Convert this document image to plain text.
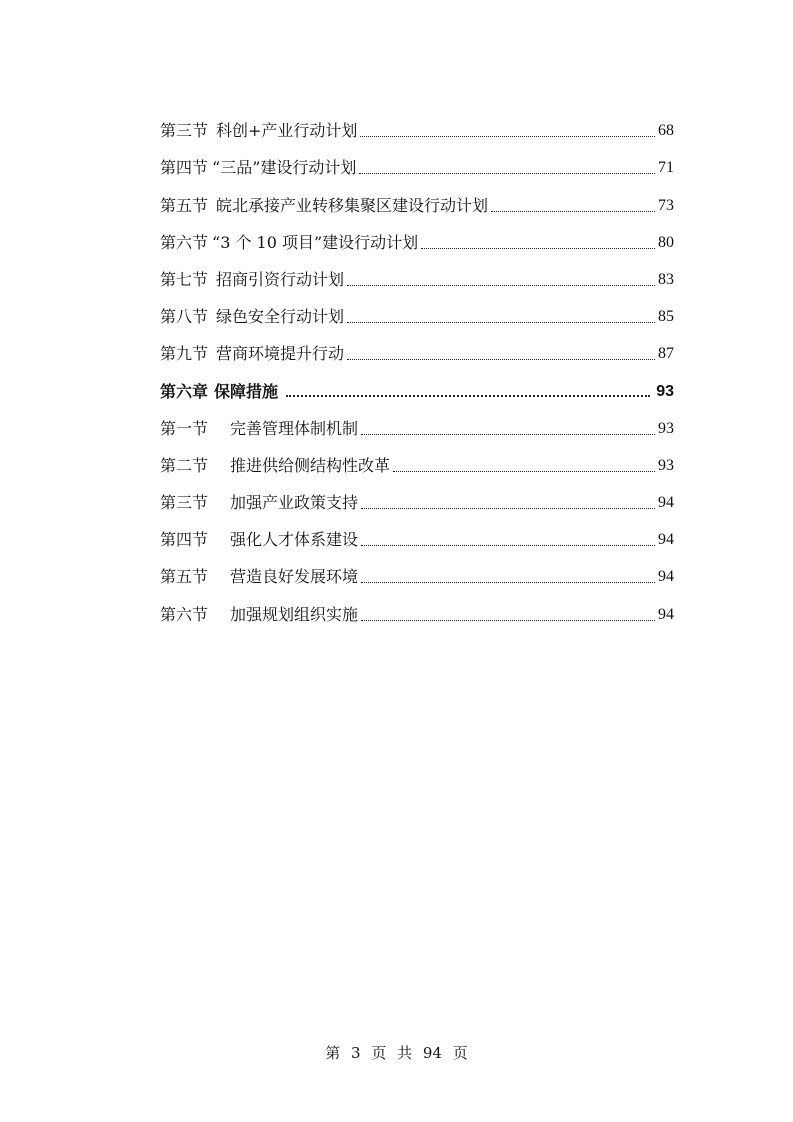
第三节 科创+产业行动计划	68
第四节 “三品”建设行动计划	71
第五节 皖北承接产业转移集聚区建设行动计划	73
第六节 “3 个 10 项目”建设行动计划	80
第七节 招商引资行动计划	83
第八节 绿色安全行动计划	85
第九节 营商环境提升行动	87
第六章 保障措施	93
第一节 完善管理体制机制	93
第二节 推进供给侧结构性改革	93
第三节 加强产业政策支持	94
第四节 强化人才体系建设	94
第五节 营造良好发展环境	94
第六节 加强规划组织实施	94
第 3 页 共 94 页
